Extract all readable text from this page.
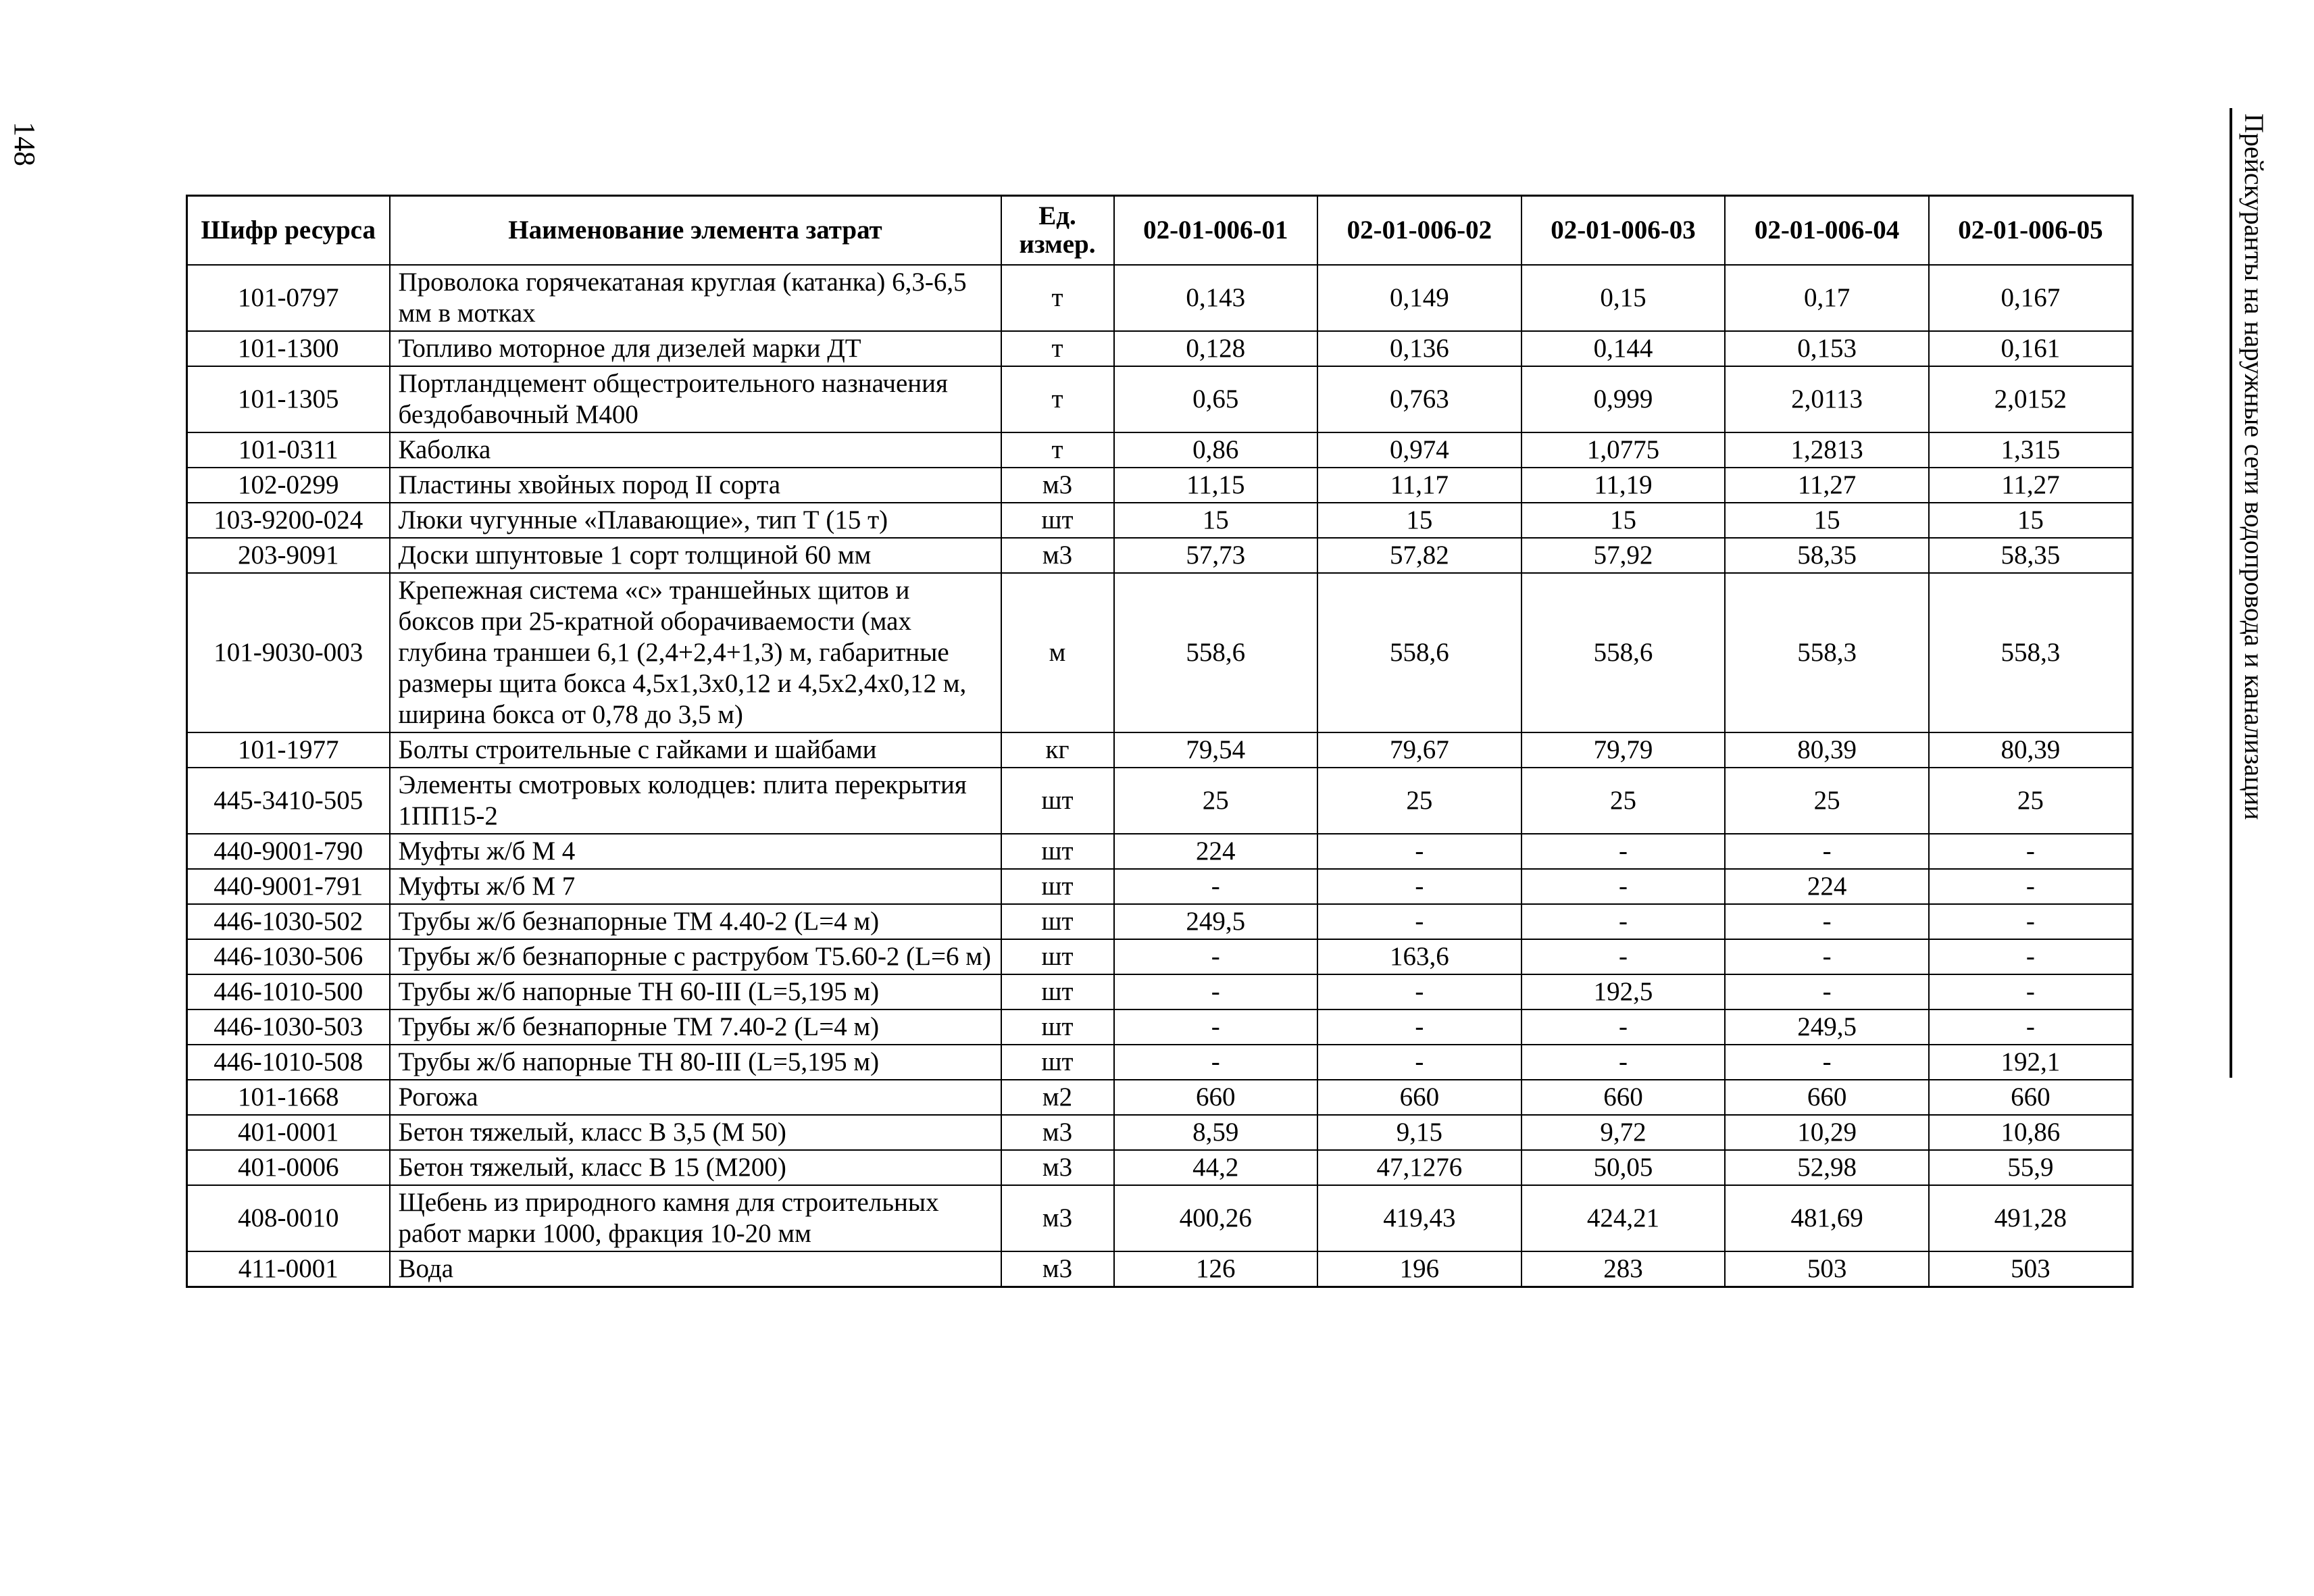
148	Прейскуранты на наружные сети водопровода и канализации
Шифр ресурса	Наименование элемента затрат	Ед. измер.	02-01-006-01	02-01-006-02	02-01-006-03	02-01-006-04	02-01-006-05
101-0797	Проволока горячекатаная круглая (катанка) 6,3-6,5 мм в мотках	т	0,143	0,149	0,15	0,17	0,167
101-1300	Топливо моторное для дизелей марки ДТ	т	0,128	0,136	0,144	0,153	0,161
101-1305	Портландцемент общестроительного назначения бездобавочный М400	т	0,65	0,763	0,999	2,0113	2,0152
101-0311	Каболка	т	0,86	0,974	1,0775	1,2813	1,315
102-0299	Пластины хвойных пород II сорта	м3	11,15	11,17	11,19	11,27	11,27
103-9200-024	Люки чугунные «Плавающие», тип Т (15 т)	шт	15	15	15	15	15
203-9091	Доски шпунтовые 1 сорт толщиной 60 мм	м3	57,73	57,82	57,92	58,35	58,35
101-9030-003	Крепежная система «с» траншейных щитов и боксов при 25-кратной оборачиваемости (мах глубина траншеи 6,1 (2,4+2,4+1,3) м, габаритные размеры щита бокса 4,5х1,3х0,12 и 4,5х2,4х0,12 м, ширина бокса от 0,78 до 3,5 м)	м	558,6	558,6	558,6	558,3	558,3
101-1977	Болты строительные с гайками и шайбами	кг	79,54	79,67	79,79	80,39	80,39
445-3410-505	Элементы смотровых колодцев: плита перекрытия 1ПП15-2	шт	25	25	25	25	25
440-9001-790	Муфты ж/б М 4	шт	224	-	-	-	-
440-9001-791	Муфты ж/б М 7	шт	-	-	-	224	-
446-1030-502	Трубы ж/б безнапорные ТМ 4.40-2 (L=4 м)	шт	249,5	-	-	-	-
446-1030-506	Трубы ж/б безнапорные с раструбом Т5.60-2 (L=6 м)	шт	-	163,6	-	-	-
446-1010-500	Трубы ж/б напорные ТН 60-III (L=5,195 м)	шт	-	-	192,5	-	-
446-1030-503	Трубы ж/б безнапорные ТМ 7.40-2 (L=4 м)	шт	-	-	-	249,5	-
446-1010-508	Трубы ж/б напорные ТН 80-III (L=5,195 м)	шт	-	-	-	-	192,1
101-1668	Рогожа	м2	660	660	660	660	660
401-0001	Бетон тяжелый, класс В 3,5 (М 50)	м3	8,59	9,15	9,72	10,29	10,86
401-0006	Бетон тяжелый, класс В 15 (М200)	м3	44,2	47,1276	50,05	52,98	55,9
408-0010	Щебень из природного камня для строительных работ марки 1000, фракция 10-20 мм	м3	400,26	419,43	424,21	481,69	491,28
411-0001	Вода	м3	126	196	283	503	503
